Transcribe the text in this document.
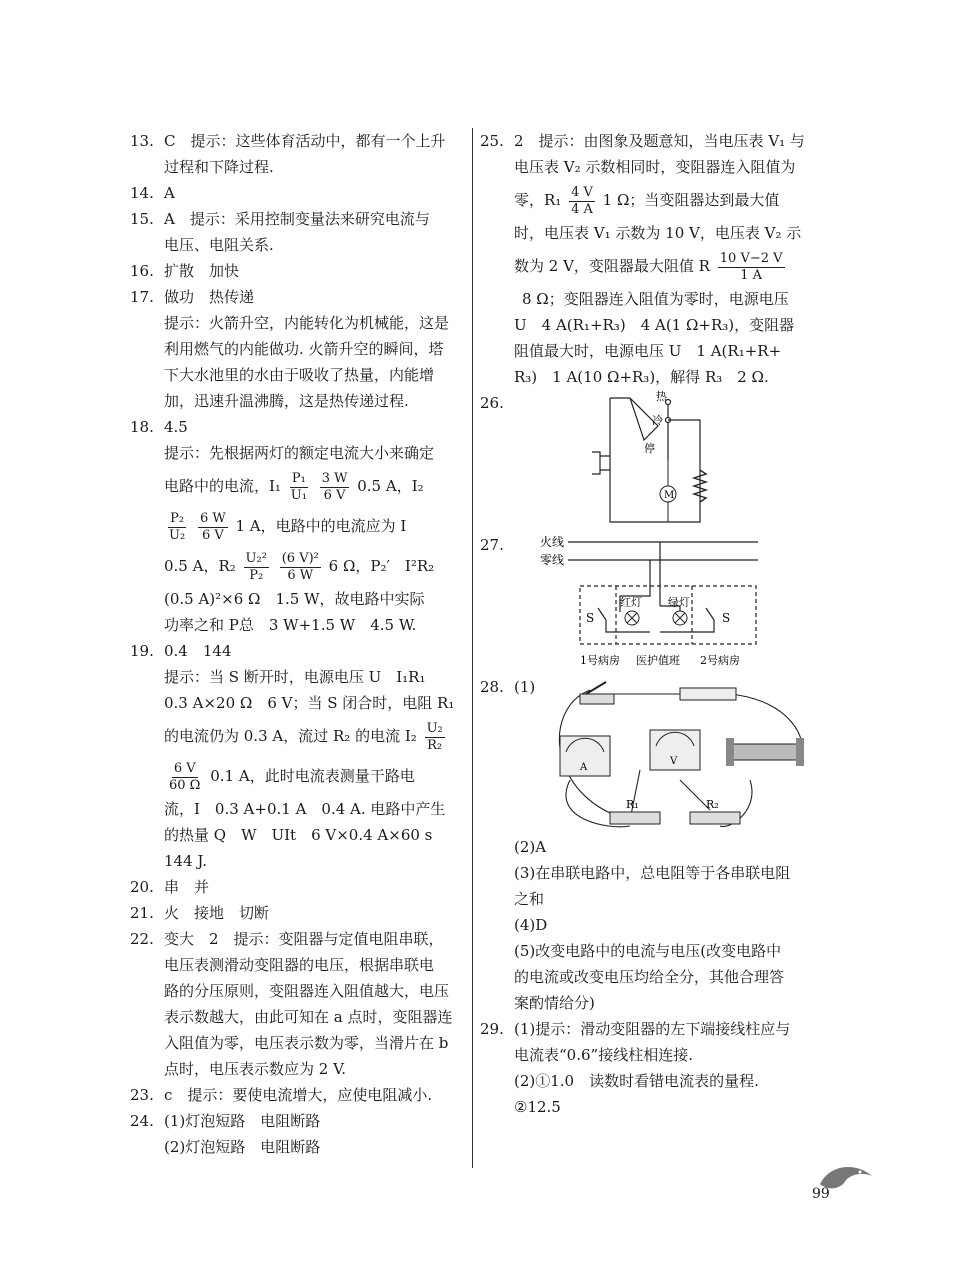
13. C　提示：这些体育活动中，都有一个上升
过程和下降过程.
14. A
15. A　提示：采用控制变量法来研究电流与
电压、电阻关系.
16. 扩散　加快
17. 做功　热传递
提示：火箭升空，内能转化为机械能，这是
利用燃气的内能做功. 火箭升空的瞬间，塔
下大水池里的水由于吸收了热量，内能增
加，迅速升温沸腾，这是热传递过程.
18. 4.5
提示：先根据两灯的额定电流大小来确定
电路中的电流，$I_1 \frac{\text{P₁}}{\text{U₁}}$
$\frac{3 W}{6 V} 0.5$ A，I₂
$\frac{\text{P₂}}{\text{U₂}}$
$\frac{6 W}{6 V} 1$ A，电路中的电流应为 I
0.5 A，$R_2 \frac{\text{U₂²}}{\text{P₂}}$
$\frac{\text{(6 V)²}}{6 W} 6$ Ω，P₂′　I²R₂
(0.5 A)²×6 Ω　1.5 W，故电路中实际
功率之和 P总　3 W+1.5 W　4.5 W.
19. 0.4　144
提示：当 S 断开时，电源电压 U　I₁R₁
0.3 A×20 Ω　6 V；当 S 闭合时，电阻 R₁
的电流仍为 0.3 A，流过 R₂ 的电流 $I_2 \frac{\text{U₂}}{\text{R₂}}$
$\frac{6 V}{60 \Omega} 0.1$ A，此时电流表测量干路电
流，I　0.3 A+0.1 A　0.4 A. 电路中产生
的热量 Q　W　UIt　6 V×0.4 A×60 s
144 J.
20. 串　并
21. 火　接地　切断
22. 变大　2　提示：变阻器与定值电阻串联，
电压表测滑动变阻器的电压，根据串联电
路的分压原则，变阻器连入阻值越大，电压
表示数越大，由此可知在 a 点时，变阻器连
入阻值为零，电压表示数为零，当滑片在 b
点时，电压表示数应为 2 V.
23. c　提示：要使电流增大，应使电阻减小.
24. (1)灯泡短路　电阻断路
(2)灯泡短路　电阻断路
25. 2　提示：由图象及题意知，当电压表 V₁ 与
电压表 V₂ 示数相同时，变阻器连入阻值为
零，$R_1 \frac{4 V}{4 A} 1$ Ω；当变阻器达到最大值
时，电压表 V₁ 示数为 10 V，电压表 V₂ 示
数为 2 V，变阻器最大阻值 R $\frac{10 V-2 V}{1 A}$
8 Ω；变阻器连入阻值为零时，电源电压
U　4 A(R₁+R₃)　4 A(1 Ω+R₃)，变阻器
阻值最大时，电源电压 U　1 A(R₁+R+
R₃)　1 A(10 Ω+R₃)，解得 R₃　2 Ω.
26.
M
热
冷
停
27.	火线
零线
S
红灯 绿灯
S
1号病房 医护值班 2号病房
28. (1)
A
V
R₁	R₂
(2)A
(3)在串联电路中，总电阻等于各串联电阻
之和
(4)D
(5)改变电路中的电流与电压(改变电路中
的电流或改变电压均给全分，其他合理答
案酌情给分)
29. (1)提示：滑动变阻器的左下端接线柱应与
电流表“0.6”接线柱相连接.
(2)①1.0　读数时看错电流表的量程.
②12.5
99
